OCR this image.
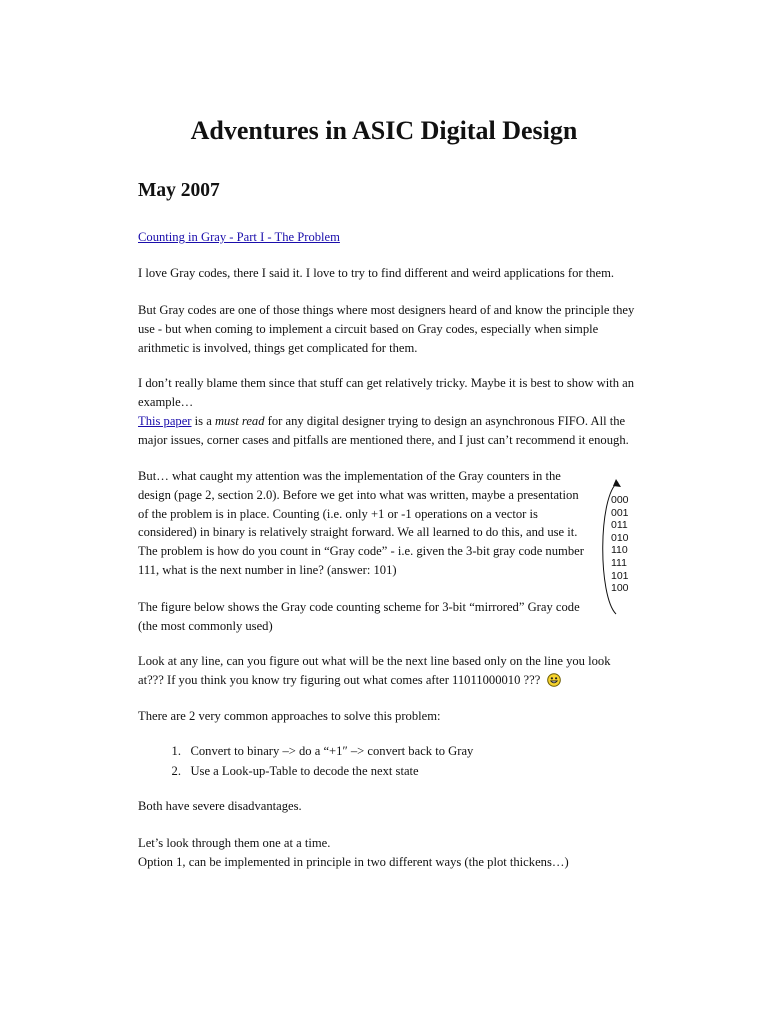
Adventures in ASIC Digital Design
May 2007

Counting in Gray - Part I - The Problem

I love Gray codes, there I said it. I love to try to find different and weird applications for them.

But Gray codes are one of those things where most designers heard of and know the principle they use - but when coming to implement a circuit based on Gray codes, especially when simple arithmetic is involved, things get complicated for them.

I don’t really blame them since that stuff can get relatively tricky. Maybe it is best to show with an example…

This paper is a must read for any digital designer trying to design an asynchronous FIFO. All the major issues, corner cases and pitfalls are mentioned there, and I just can’t recommend it enough.

But… what caught my attention was the implementation of the Gray counters in the design (page 2, section 2.0). Before we get into what was written, maybe a presentation of the problem is in place. Counting (i.e. only +1 or -1 operations on a vector is considered) in binary is relatively straight forward. We all learned to do this, and use it. The problem is how do you count in “Gray code” - i.e. given the 3-bit gray code number 111, what is the next number in line? (answer: 101)

The figure below shows the Gray code counting scheme for 3-bit “mirrored” Gray code (the most commonly used)

Look at any line, can you figure out what will be the next line based only on the line you look at??? If you think you know try figuring out what comes after 11011000010 ???

There are 2 very common approaches to solve this problem:

1. Convert to binary –> do a “+1″ –> convert back to Gray
2. Use a Look-up-Table to decode the next state

Both have severe disadvantages.

Let’s look through them one at a time.
Option 1, can be implemented in principle in two different ways (the plot thickens…)

000
001
011
010
110
111
101
100
